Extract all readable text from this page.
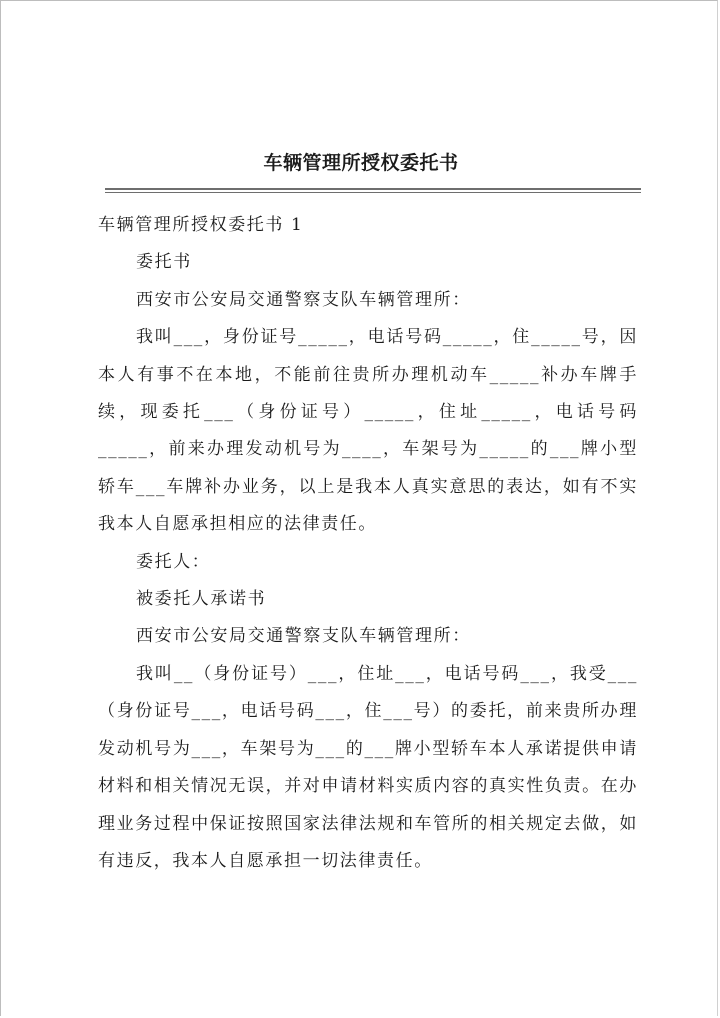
车辆管理所授权委托书

车辆管理所授权委托书 1

委托书

西安市公安局交通警察支队车辆管理所：

我叫___，身份证号_____，电话号码_____，住_____号，因本人有事不在本地，不能前往贵所办理机动车_____补办车牌手续，现委托___（身份证号）_____，住址_____，电话号码_____，前来办理发动机号为____，车架号为_____的___牌小型轿车___车牌补办业务，以上是我本人真实意思的表达，如有不实我本人自愿承担相应的法律责任。

委托人：

被委托人承诺书

西安市公安局交通警察支队车辆管理所：

我叫__（身份证号）___，住址___，电话号码___，我受___（身份证号___，电话号码___，住___号）的委托，前来贵所办理发动机号为___，车架号为___的___牌小型轿车本人承诺提供申请材料和相关情况无误，并对申请材料实质内容的真实性负责。在办理业务过程中保证按照国家法律法规和车管所的相关规定去做，如有违反，我本人自愿承担一切法律责任。
